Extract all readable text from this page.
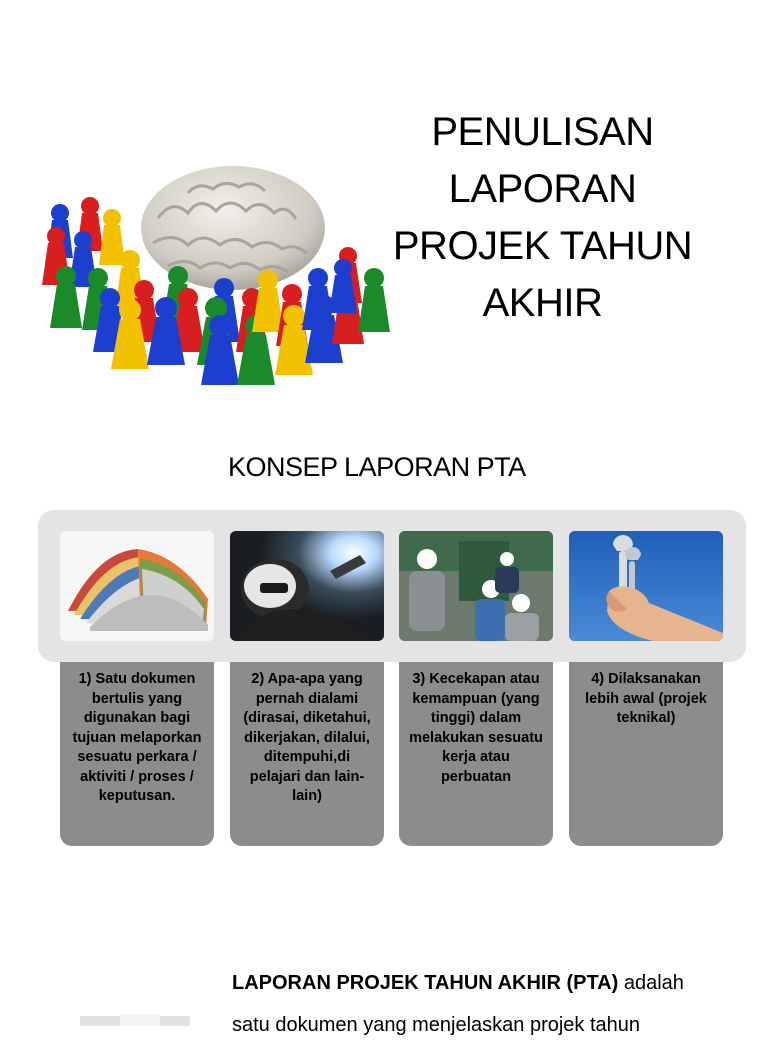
PENULISAN
LAPORAN
PROJEK TAHUN
AKHIR
KONSEP LAPORAN PTA
1) Satu dokumen bertulis yang digunakan bagi tujuan melaporkan sesuatu perkara / aktiviti / proses / keputusan.
2) Apa-apa yang pernah dialami (dirasai, diketahui, dikerjakan, dilalui, ditempuhi,di pelajari dan lain-lain)
3) Kecekapan atau kemampuan (yang tinggi) dalam melakukan sesuatu kerja atau perbuatan
4) Dilaksanakan lebih awal (projek teknikal)
LAPORAN PROJEK TAHUN AKHIR (PTA) adalah
satu dokumen yang menjelaskan projek tahun
